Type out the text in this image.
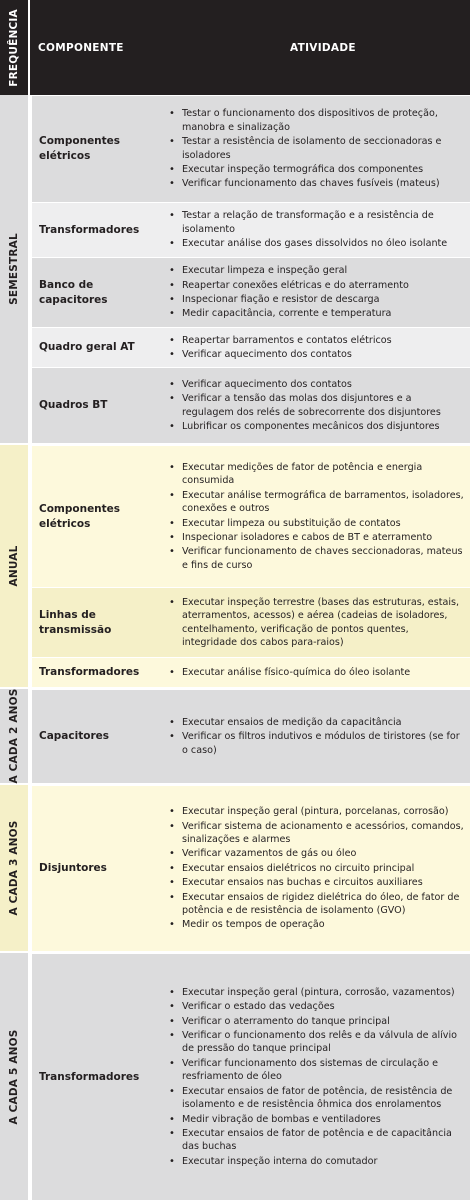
FREQUÊNCIA COMPONENTE	ATIVIDADE
SEMESTRAL
Componentes elétricos
• Testar o funcionamento dos dispositivos de proteção, manobra e sinalização
• Testar a resistência de isolamento de seccionadoras e isoladores
• Executar inspeção termográfica dos componentes
• Verificar funcionamento das chaves fusíveis (mateus)
Transformadores
• Testar a relação de transformação e a resistência de isolamento
• Executar análise dos gases dissolvidos no óleo isolante
Banco de capacitores
• Executar limpeza e inspeção geral
• Reapertar conexões elétricas e do aterramento
• Inspecionar fiação e resistor de descarga
• Medir capacitância, corrente e temperatura
Quadro geral AT
• Reapertar barramentos e contatos elétricos
• Verificar aquecimento dos contatos
Quadros BT
• Verificar aquecimento dos contatos
• Verificar a tensão das molas dos disjuntores e a regulagem dos relés de sobrecorrente dos disjuntores
• Lubrificar os componentes mecânicos dos disjuntores
ANUAL
Componentes elétricos
• Executar medições de fator de potência e energia consumida
• Executar análise termográfica de barramentos, isoladores, conexões e outros
• Executar limpeza ou substituição de contatos
• Inspecionar isoladores e cabos de BT e aterramento
• Verificar funcionamento de chaves seccionadoras, mateus e fins de curso
Linhas de transmissão
• Executar inspeção terrestre (bases das estruturas, estais, aterramentos, acessos) e aérea (cadeias de isoladores, centelhamento, verificação de pontos quentes, integridade dos cabos para-raios)
Transformadores
•	Executar análise físico-química do óleo isolante
A CADA 2 ANOS Capacitores
• Executar ensaios de medição da capacitância
• Verificar os filtros indutivos e módulos de tiristores (se for o caso)
A CADA 3 ANOS Disjuntores
• Executar inspeção geral (pintura, porcelanas, corrosão)
• Verificar sistema de acionamento e acessórios, comandos, sinalizações e alarmes
• Verificar vazamentos de gás ou óleo
• Executar ensaios dielétricos no circuito principal
• Executar ensaios nas buchas e circuitos auxiliares
• Executar ensaios de rigidez dielétrica do óleo, de fator de potência e de resistência de isolamento (GVO)
• Medir os tempos de operação
A CADA 5 ANOS Transformadores
• Executar inspeção geral (pintura, corrosão, vazamentos)
• Verificar o estado das vedações
• Verificar o aterramento do tanque principal
• Verificar o funcionamento dos relês e da válvula de alívio de pressão do tanque principal
• Verificar funcionamento dos sistemas de circulação e resfriamento de óleo
• Executar ensaios de fator de potência, de resistência de isolamento e de resistência ôhmica dos enrolamentos
• Medir vibração de bombas e ventiladores
• Executar ensaios de fator de potência e de capacitância das buchas
• Executar inspeção interna do comutador
